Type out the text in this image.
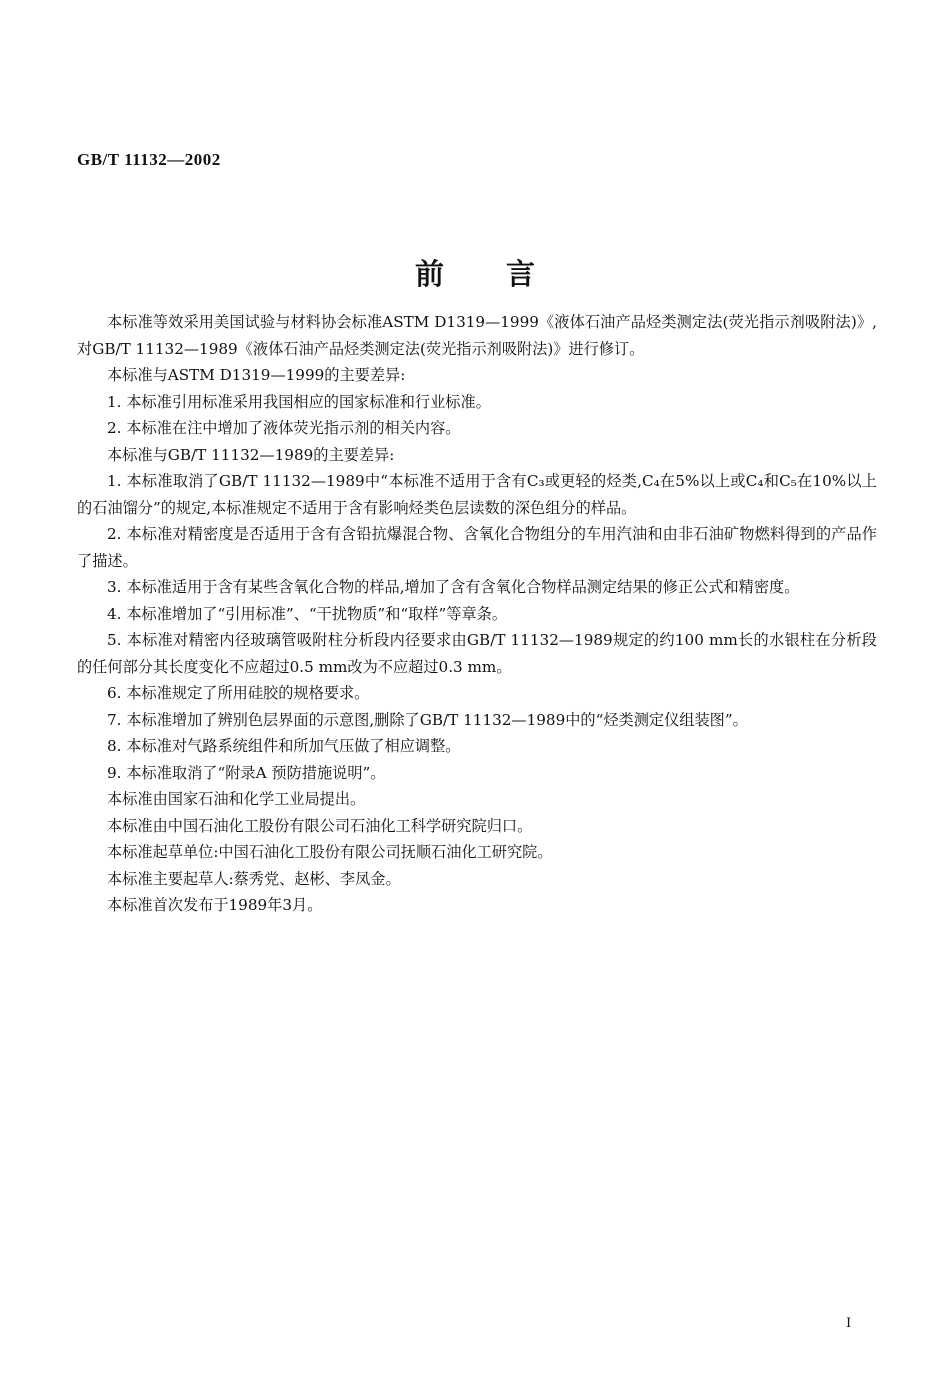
GB/T 11132—2002
前言

本标准等效采用美国试验与材料协会标准ASTM D1319—1999《液体石油产品烃类测定法(荧光指示剂吸附法)》,对GB/T 11132—1989《液体石油产品烃类测定法(荧光指示剂吸附法)》进行修订。

本标准与ASTM D1319—1999的主要差异:

1. 本标准引用标准采用我国相应的国家标准和行业标准。

2. 本标准在注中增加了液体荧光指示剂的相关内容。

本标准与GB/T 11132—1989的主要差异:

1. 本标准取消了GB/T 11132—1989中“本标准不适用于含有C₃或更轻的烃类,C₄在5%以上或C₄和C₅在10%以上的石油馏分”的规定,本标准规定不适用于含有影响烃类色层读数的深色组分的样品。

2. 本标准对精密度是否适用于含有含铅抗爆混合物、含氧化合物组分的车用汽油和由非石油矿物燃料得到的产品作了描述。

3. 本标准适用于含有某些含氧化合物的样品,增加了含有含氧化合物样品测定结果的修正公式和精密度。

4. 本标准增加了“引用标准”、“干扰物质”和“取样”等章条。

5. 本标准对精密内径玻璃管吸附柱分析段内径要求由GB/T 11132—1989规定的约100 mm长的水银柱在分析段的任何部分其长度变化不应超过0.5 mm改为不应超过0.3 mm。

6. 本标准规定了所用硅胶的规格要求。

7. 本标准增加了辨别色层界面的示意图,删除了GB/T 11132—1989中的“烃类测定仪组装图”。

8. 本标准对气路系统组件和所加气压做了相应调整。

9. 本标准取消了“附录A 预防措施说明”。

本标准由国家石油和化学工业局提出。

本标准由中国石油化工股份有限公司石油化工科学研究院归口。

本标准起草单位:中国石油化工股份有限公司抚顺石油化工研究院。

本标准主要起草人:蔡秀党、赵彬、李凤金。

本标准首次发布于1989年3月。

I
